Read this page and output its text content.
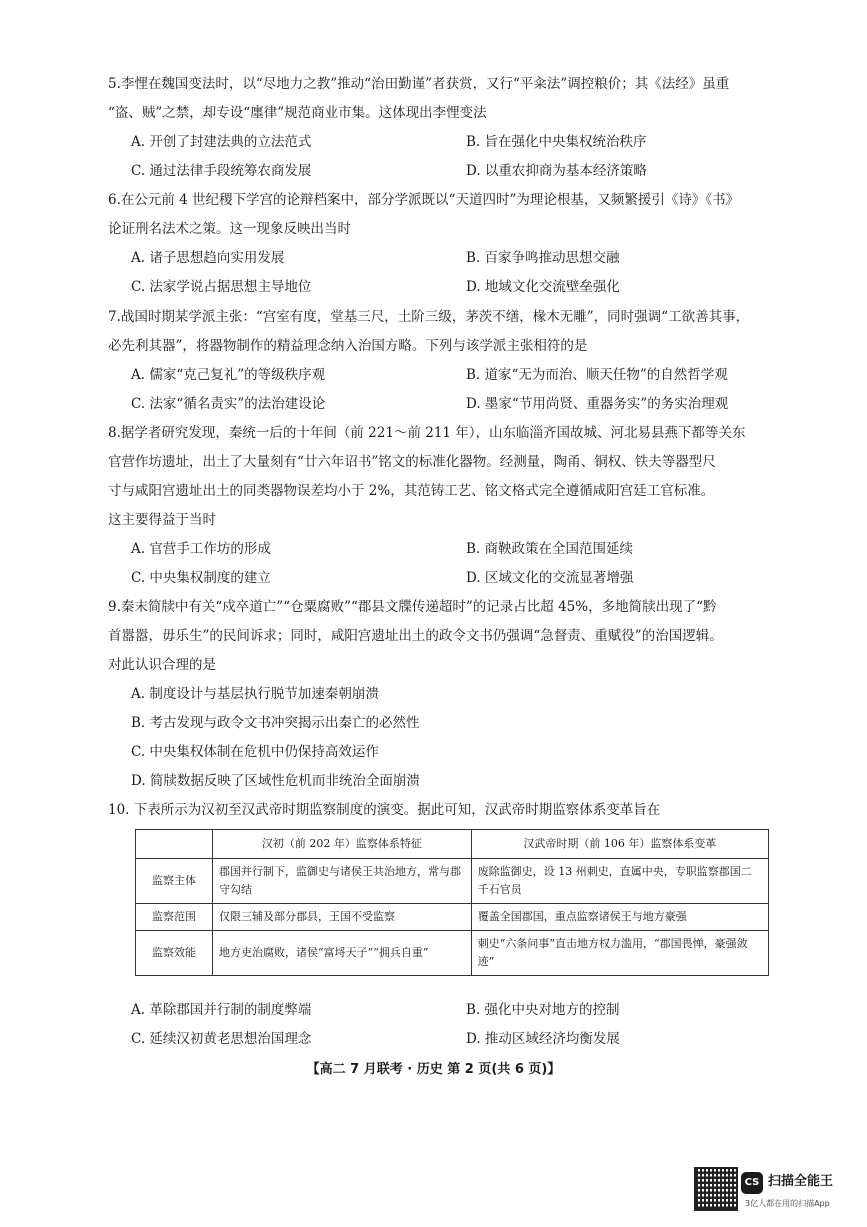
5.李悝在魏国变法时，以“尽地力之教”推动“治田勤谨”者获赏，又行“平籴法”调控粮价；其《法经》虽重
“盗、贼”之禁，却专设“廛律”规范商业市集。这体现出李悝变法
A. 开创了封建法典的立法范式	B. 旨在强化中央集权统治秩序
C. 通过法律手段统筹农商发展	D. 以重农抑商为基本经济策略
6.在公元前 4 世纪稷下学宫的论辩档案中，部分学派既以“天道四时”为理论根基，又频繁援引《诗》《书》
论证刑名法术之策。这一现象反映出当时
A. 诸子思想趋向实用发展	B. 百家争鸣推动思想交融
C. 法家学说占据思想主导地位	D. 地域文化交流壁垒强化
7.战国时期某学派主张：“宫室有度，堂基三尺，土阶三级，茅茨不缮，椽木无雕”，同时强调“工欲善其事，
必先利其器”，将器物制作的精益理念纳入治国方略。下列与该学派主张相符的是
A. 儒家“克己复礼”的等级秩序观	B. 道家“无为而治、顺天任物”的自然哲学观
C. 法家“循名责实”的法治建设论	D. 墨家“节用尚贤、重器务实”的务实治理观
8.据学者研究发现，秦统一后的十年间（前 221～前 211 年），山东临淄齐国故城、河北易县燕下都等关东
官营作坊遗址，出土了大量刻有“廿六年诏书”铭文的标准化器物。经测量，陶甬、铜权、铁夫等器型尺
寸与咸阳宫遗址出土的同类器物误差均小于 2%，其范铸工艺、铭文格式完全遵循咸阳宫廷工官标准。
这主要得益于当时
A. 官营手工作坊的形成	B. 商鞅政策在全国范围延续
C. 中央集权制度的建立	D. 区域文化的交流显著增强
9.秦末简牍中有关“戍卒道亡”“仓粟腐败”“郡县文牒传递超时”的记录占比超 45%，多地简牍出现了“黔
首嚣嚣，毋乐生”的民间诉求；同时，咸阳宫遗址出土的政令文书仍强调“急督责、重赋役”的治国逻辑。
对此认识合理的是
A. 制度设计与基层执行脱节加速秦朝崩溃
B. 考古发现与政令文书冲突揭示出秦亡的必然性
C. 中央集权体制在危机中仍保持高效运作
D. 简牍数据反映了区域性危机而非统治全面崩溃
10. 下表所示为汉初至汉武帝时期监察制度的演变。据此可知，汉武帝时期监察体系变革旨在
	汉初（前 202 年）监察体系特征	汉武帝时期（前 106 年）监察体系变革
监察主体	郡国并行制下，监御史与诸侯王共治地方，常与郡守勾结	废除监御史，设 13 州刺史，直属中央，专职监察郡国二千石官员
监察范围	仅限三辅及部分郡县，王国不受监察	覆盖全国郡国，重点监察诸侯王与地方豪强
监察效能	地方吏治腐败，诸侯“富埒天子”“拥兵自重”	刺史“六条问事”直击地方权力滥用，“郡国畏惮，豪强敛迹”
A. 革除郡国并行制的制度弊端	B. 强化中央对地方的控制
C. 延续汉初黄老思想治国理念	D. 推动区域经济均衡发展
【高二 7 月联考 · 历史 第 2 页(共 6 页)】
CS 扫描全能王
3亿人都在用的扫描App
